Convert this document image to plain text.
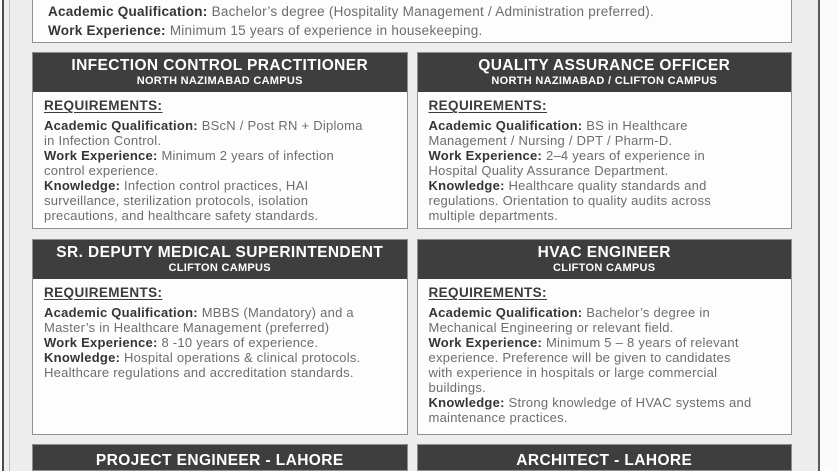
Academic Qualification: Bachelor’s degree (Hospitality Management / Administration preferred).

Work Experience: Minimum 15 years of experience in housekeeping.

INFECTION CONTROL PRACTITIONER
NORTH NAZIMABAD CAMPUS
REQUIREMENTS:

Academic Qualification: BScN / Post RN + Diploma in Infection Control.

Work Experience: Minimum 2 years of infection control experience.

Knowledge: Infection control practices, HAI surveillance, sterilization protocols, isolation precautions, and healthcare safety standards.

QUALITY ASSURANCE OFFICER
NORTH NAZIMABAD / CLIFTON CAMPUS
REQUIREMENTS:

Academic Qualification: BS in Healthcare Management / Nursing / DPT / Pharm-D.

Work Experience: 2–4 years of experience in Hospital Quality Assurance Department.

Knowledge: Healthcare quality standards and regulations. Orientation to quality audits across multiple departments.

SR. DEPUTY MEDICAL SUPERINTENDENT
CLIFTON CAMPUS
REQUIREMENTS:

Academic Qualification: MBBS (Mandatory) and a Master’s in Healthcare Management (preferred)

Work Experience: 8 -10 years of experience.

Knowledge: Hospital operations & clinical protocols. Healthcare regulations and accreditation standards.

HVAC ENGINEER
CLIFTON CAMPUS
REQUIREMENTS:

Academic Qualification: Bachelor’s degree in Mechanical Engineering or relevant field.

Work Experience: Minimum 5 – 8 years of relevant experience. Preference will be given to candidates with experience in hospitals or large commercial buildings.

Knowledge: Strong knowledge of HVAC systems and maintenance practices.

PROJECT ENGINEER - LAHORE	ARCHITECT - LAHORE
